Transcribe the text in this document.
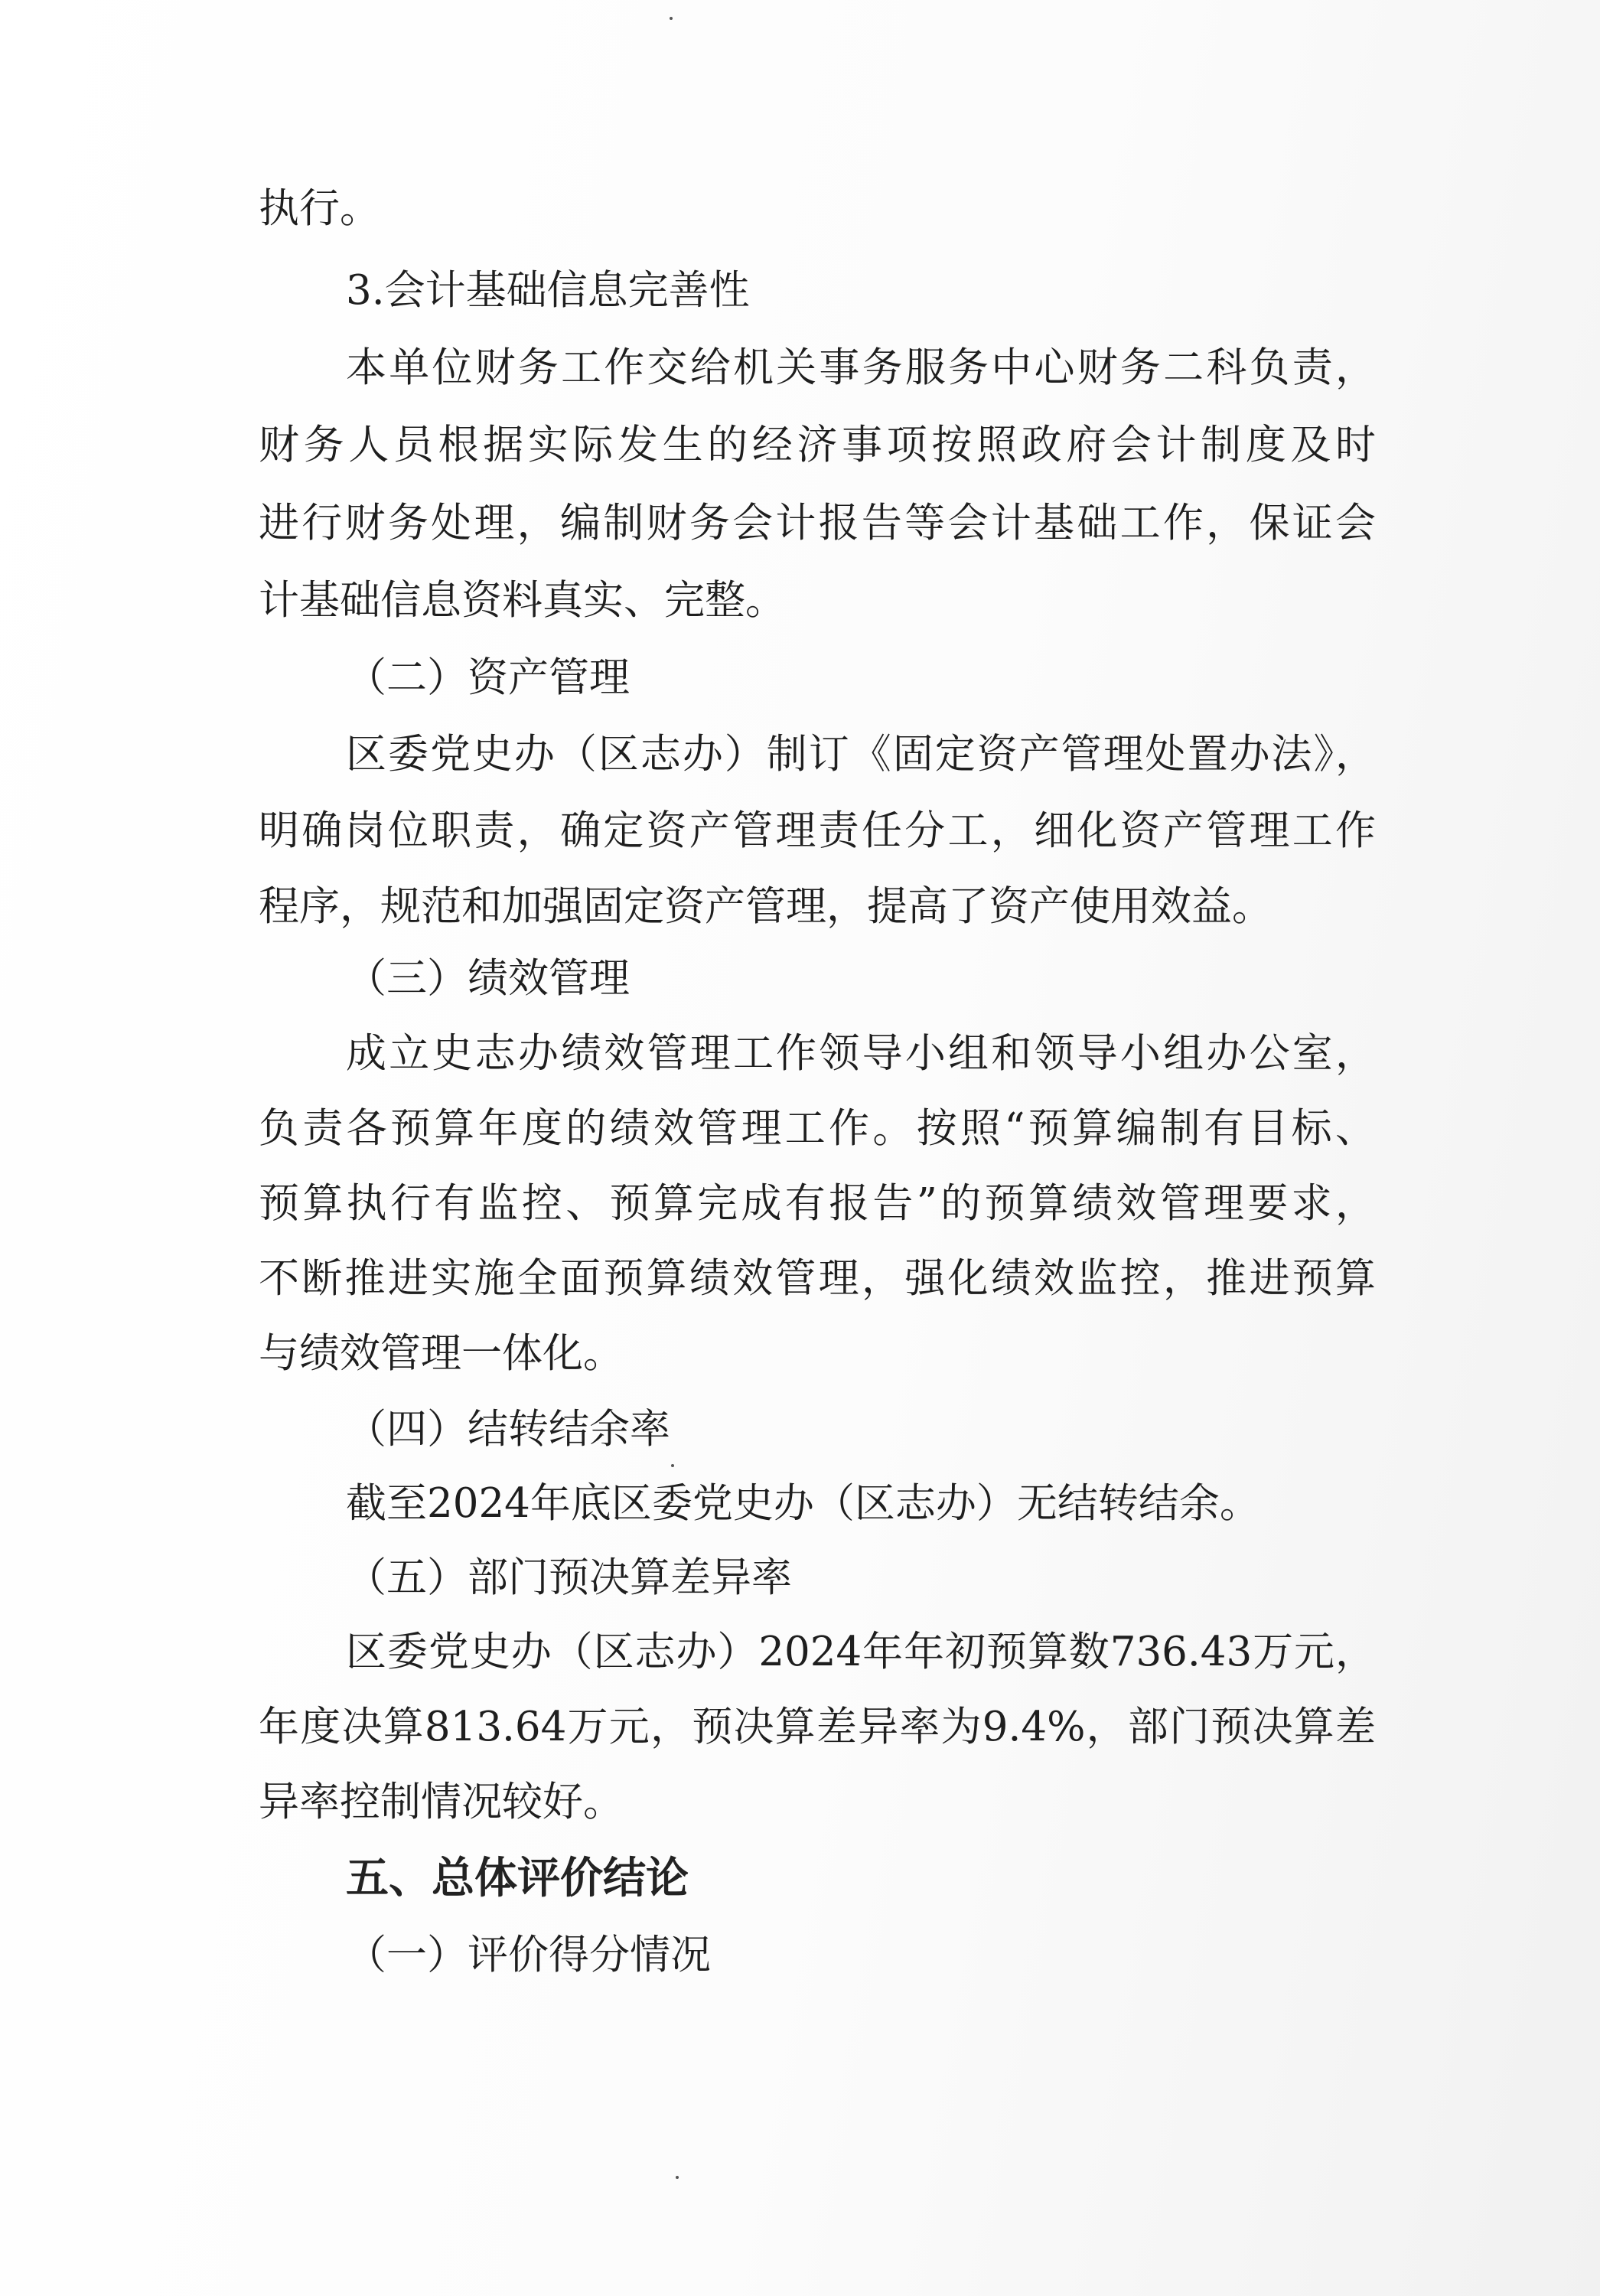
执行。
3.会计基础信息完善性
本单位财务工作交给机关事务服务中心财务二科负责，
财务人员根据实际发生的经济事项按照政府会计制度及时
进行财务处理，编制财务会计报告等会计基础工作，保证会
计基础信息资料真实、完整。
（二）资产管理
区委党史办（区志办）制订《固定资产管理处置办法》，
明确岗位职责，确定资产管理责任分工，细化资产管理工作
程序，规范和加强固定资产管理，提高了资产使用效益。
（三）绩效管理
成立史志办绩效管理工作领导小组和领导小组办公室，
负责各预算年度的绩效管理工作。按照“预算编制有目标、
预算执行有监控、预算完成有报告”的预算绩效管理要求，
不断推进实施全面预算绩效管理，强化绩效监控，推进预算
与绩效管理一体化。
（四）结转结余率
截至2024年底区委党史办（区志办）无结转结余。
（五）部门预决算差异率
区委党史办（区志办）2024年年初预算数736.43万元，
年度决算813.64万元，预决算差异率为9.4%，部门预决算差
异率控制情况较好。
五、总体评价结论
（一）评价得分情况
